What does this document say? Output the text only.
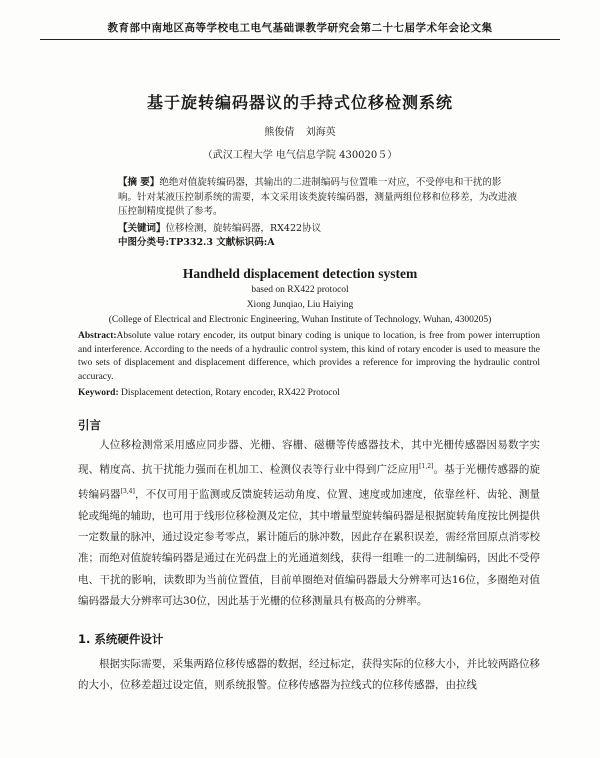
教育部中南地区高等学校电工电气基础课教学研究会第二十七届学术年会论文集
基于旋转编码器议的手持式位移检测系统
熊俊倩 刘海英
（武汉工程大学 电气信息学院 430020５）
【摘 要】绝绝对值旋转编码器，其输出的二进制编码与位置唯一对应，不受停电和干扰的影响。针对某液压控制系统的需要，本文采用该类旋转编码器，测量两组位移和位移差，为改进液压控制精度提供了参考。
【关键词】位移检测，旋转编码器，RX422协议
中图分类号:TP332.3 文献标识码:A
Handheld displacement detection system
based on RX422 protocol
Xiong Junqiao, Liu Haiying
(College of Electrical and Electronic Engineering, Wuhan Institute of Technology, Wuhan, 4300205)
Abstract:Absolute value rotary encoder, its output binary coding is unique to location, is free from power interruption and interference. According to the needs of a hydraulic control system, this kind of rotary encoder is used to measure the two sets of displacement and displacement difference, which provides a reference for improving the hydraulic control accuracy.
Keyword: Displacement detection, Rotary encoder, RX422 Protocol
引言
人位移检测常采用感应同步器、光栅、容栅、磁栅等传感器技术，其中光栅传感器因易数字实现、精度高、抗干扰能力强而在机加工、检测仪表等行业中得到广泛应用[1,2]。基于光栅传感器的旋转编码器[3,4]，不仅可用于监测或反馈旋转运动角度、位置、速度或加速度，依靠丝杆、齿轮、测量轮或绳绳的辅助，也可用于线形位移检测及定位，其中增量型旋转编码器是根据旋转角度按比例提供一定数量的脉冲，通过设定参考零点，累计随后的脉冲数，因此存在累积误差，需经常回原点消零校准；而绝对值旋转编码器是通过在光码盘上的光通道刻线，获得一组唯一的二进制编码，因此不受停电、干扰的影响，读数即为当前位置值，目前单圈绝对值编码器最大分辨率可达16位，多圈绝对值编码器最大分辨率可达30位，因此基于光栅的位移测量具有极高的分辨率。
1. 系统硬件设计
根据实际需要，采集两路位移传感器的数据，经过标定，获得实际的位移大小，并比较两路位移的大小，位移差超过设定值，则系统报警。位移传感器为拉线式的位移传感器，由拉线
